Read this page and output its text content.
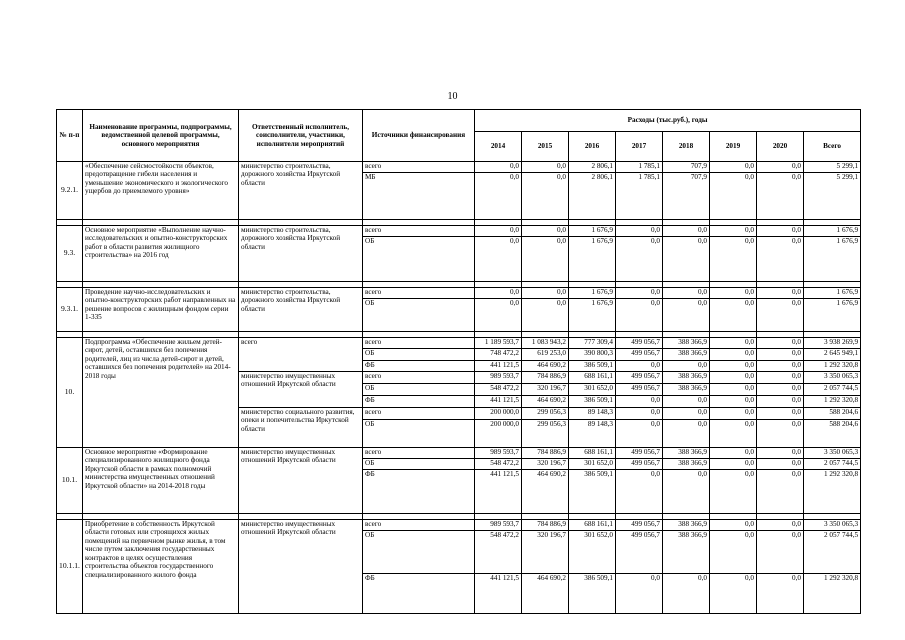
10
№ п-п	Наименование программы, подпрограммы, ведомственной целевой программы, основного мероприятия	Ответственный исполнитель, соисполнители, участники, исполнители мероприятий	Источники финансирования	Расходы (тыс.руб.), годы							
				2014	2015	2016	2017	2018	2019	2020	Всего
9.2.1.	«Обеспечение сейсмостойкости объектов, предотвращение гибели населения и уменьшение экономического и экологического ущербов до приемлемого уровня»	министерство строительства, дорожного хозяйства Иркутской области	всего	0,0	0,0	2 806,1	1 785,1	707,9	0,0	0,0	5 299,1
			МБ	0,0	0,0	2 806,1	1 785,1	707,9	0,0	0,0	5 299,1

9.3.	Основное мероприятие «Выполнение научно-исследовательских и опытно-конструкторских работ в области развития жилищного строительства» на 2016 год	министерство строительства, дорожного хозяйства Иркутской области	всего	0,0	0,0	1 676,9	0,0	0,0	0,0	0,0	1 676,9
			ОБ	0,0	0,0	1 676,9	0,0	0,0	0,0	0,0	1 676,9

9.3.1.	Проведение научно-исследовательских и опытно-конструкторских работ направленных на решение вопросов с жилищным фондом серии 1-335	министерство строительства, дорожного хозяйства Иркутской области	всего	0,0	0,0	1 676,9	0,0	0,0	0,0	0,0	1 676,9
			ОБ	0,0	0,0	1 676,9	0,0	0,0	0,0	0,0	1 676,9

10.	Подпрограмма «Обеспечение жильем детей-сирот, детей, оставшихся без попечения родителей, лиц из числа детей-сирот и детей, оставшихся без попечения родителей» на 2014-2018 годы	всего	всего	1 189 593,7	1 083 943,2	777 309,4	499 056,7	388 366,9	0,0	0,0	3 938 269,9
			ОБ	748 472,2	619 253,0	390 800,3	499 056,7	388 366,9	0,0	0,0	2 645 949,1
			ФБ	441 121,5	464 690,2	386 509,1	0,0	0,0	0,0	0,0	1 292 320,8
		министерство имущественных отношений Иркутской области	всего	989 593,7	784 886,9	688 161,1	499 056,7	388 366,9	0,0	0,0	3 350 065,3
			ОБ	548 472,2	320 196,7	301 652,0	499 056,7	388 366,9	0,0	0,0	2 057 744,5
			ФБ	441 121,5	464 690,2	386 509,1	0,0	0,0	0,0	0,0	1 292 320,8
		министерство социального развития, опеки и попечительства Иркутской области	всего	200 000,0	299 056,3	89 148,3	0,0	0,0	0,0	0,0	588 204,6
			ОБ	200 000,0	299 056,3	89 148,3	0,0	0,0	0,0	0,0	588 204,6
10.1.	Основное мероприятие «Формирование специализированного жилищного фонда Иркутской области в рамках полномочий министерства имущественных отношений Иркутской области» на 2014-2018 годы	министерство имущественных отношений Иркутской области	всего	989 593,7	784 886,9	688 161,1	499 056,7	388 366,9	0,0	0,0	3 350 065,3
			ОБ	548 472,2	320 196,7	301 652,0	499 056,7	388 366,9	0,0	0,0	2 057 744,5
			ФБ	441 121,5	464 690,2	386 509,1	0,0	0,0	0,0	0,0	1 292 320,8

10.1.1.	Приобретение в собственность Иркутской области готовых или строящихся жилых помещений на первичном рынке жилья, в том числе путем заключения государственных контрактов в целях осуществления строительства объектов государственного специализированного жилого фонда	министерство имущественных отношений Иркутской области	всего	989 593,7	784 886,9	688 161,1	499 056,7	388 366,9	0,0	0,0	3 350 065,3
			ОБ	548 472,2	320 196,7	301 652,0	499 056,7	388 366,9	0,0	0,0	2 057 744,5
			ФБ	441 121,5	464 690,2	386 509,1	0,0	0,0	0,0	0,0	1 292 320,8
